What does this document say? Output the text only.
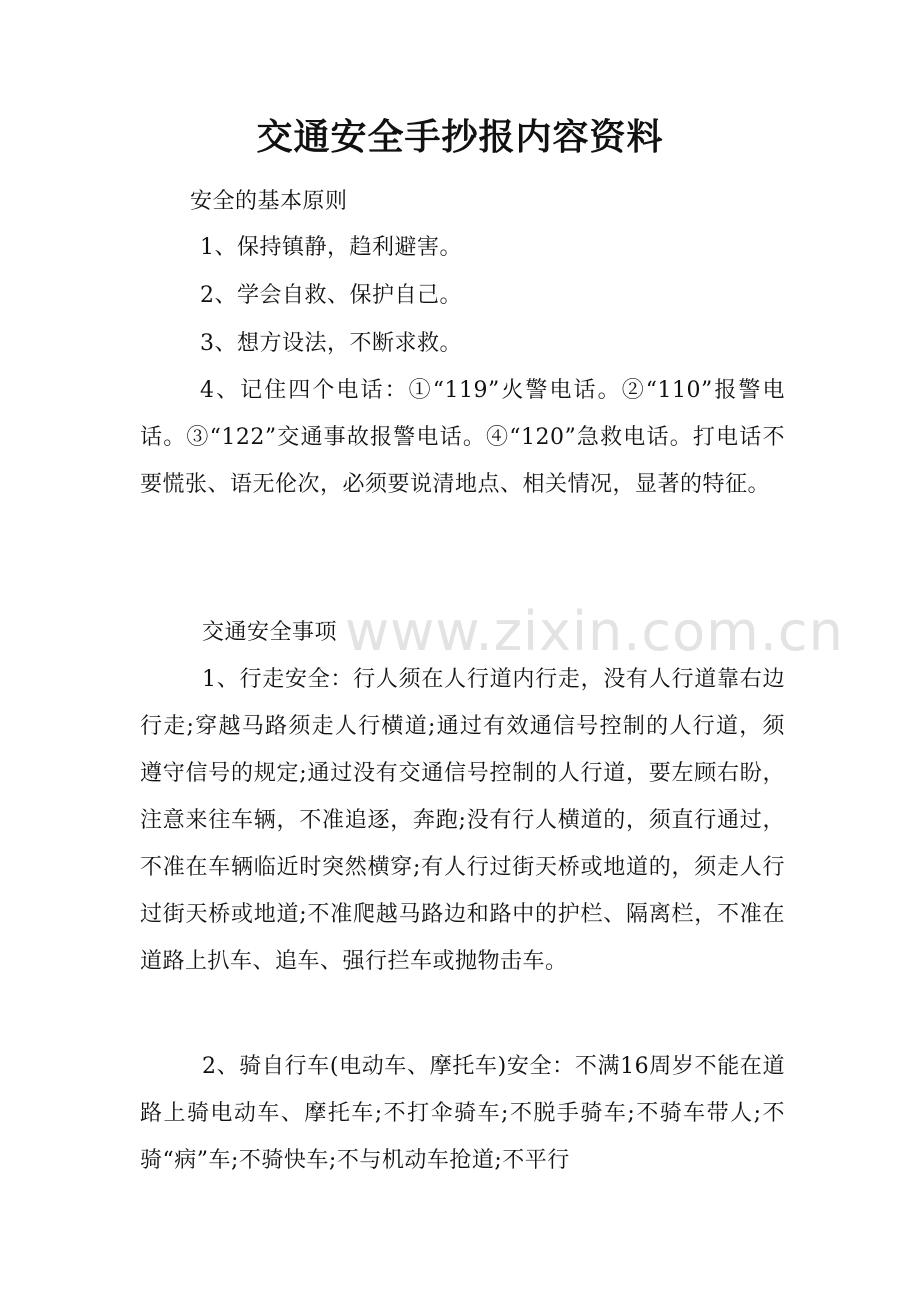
www.zixin.com.cn
交通安全手抄报内容资料
安全的基本原则
1、保持镇静，趋利避害。
2、学会自救、保护自己。
3、想方设法，不断求救。
4、记住四个电话：①“119”火警电话。②“110”报警电话。③“122”交通事故报警电话。④“120”急救电话。打电话不要慌张、语无伦次，必须要说清地点、相关情况，显著的特征。
交通安全事项
1、行走安全：行人须在人行道内行走，没有人行道靠右边行走;穿越马路须走人行横道;通过有效通信号控制的人行道，须遵守信号的规定;通过没有交通信号控制的人行道，要左顾右盼，注意来往车辆，不准追逐，奔跑;没有行人横道的，须直行通过，不准在车辆临近时突然横穿;有人行过街天桥或地道的，须走人行过街天桥或地道;不准爬越马路边和路中的护栏、隔离栏，不准在道路上扒车、追车、强行拦车或抛物击车。
2、骑自行车(电动车、摩托车)安全：不满16周岁不能在道路上骑电动车、摩托车;不打伞骑车;不脱手骑车;不骑车带人;不骑“病”车;不骑快车;不与机动车抢道;不平行
